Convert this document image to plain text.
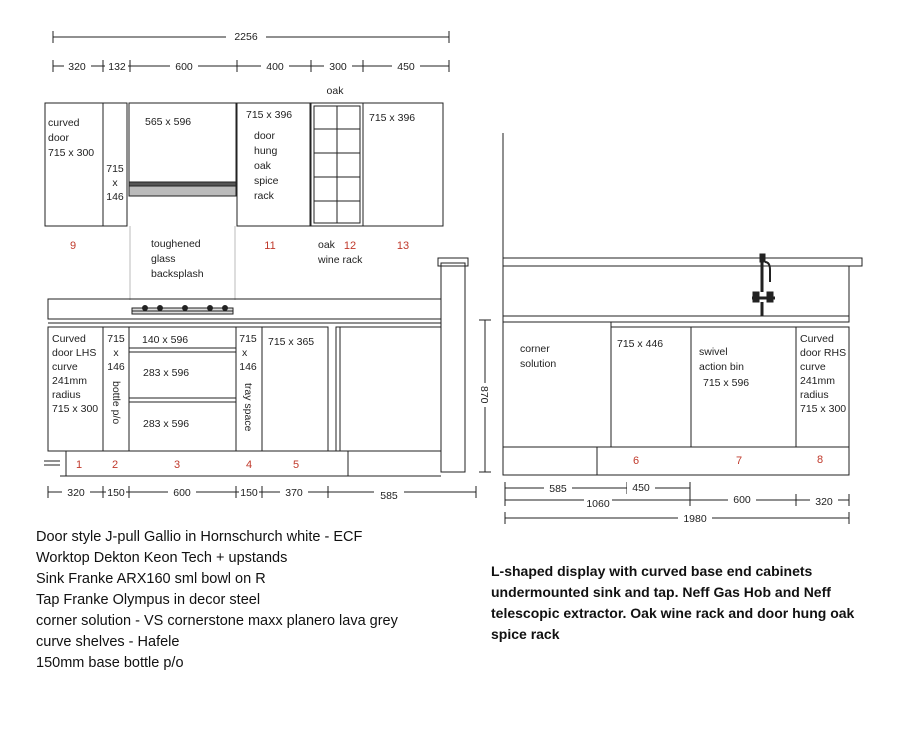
2256
320 132	600	400	300	450
oak
curved
door
715 x 300
715
x
146
565 x 596
715 x 396
door
hung
oak
spice
rack
715 x 396
9	11	12	13
oak
wine rack
toughened
glass
backsplash
Curved
door LHS
curve
241mm
radius
715 x 300
715
x
146
bottle p/o
140 x 596
283 x 596
283 x 596
715
x
146
tray space
715 x 365
1	2	3	4	5
320 150	600	150	370	585
870
corner
solution
715 x 446
swivel
action bin
715 x 596
Curved
door RHS
curve
241mm
radius
715 x 300
6	7	8
585	450
1060	600	320
1980
Door style J-pull Gallio in Hornschurch white - ECF
Worktop Dekton Keon Tech + upstands
Sink Franke ARX160 sml bowl on R
Tap Franke Olympus in decor steel
corner solution - VS cornerstone maxx planero lava grey
curve shelves - Hafele
150mm base bottle p/o

L-shaped display with curved base end cabinets undermounted sink and tap. Neff Gas Hob and Neff telescopic extractor. Oak wine rack and door hung oak spice rack
